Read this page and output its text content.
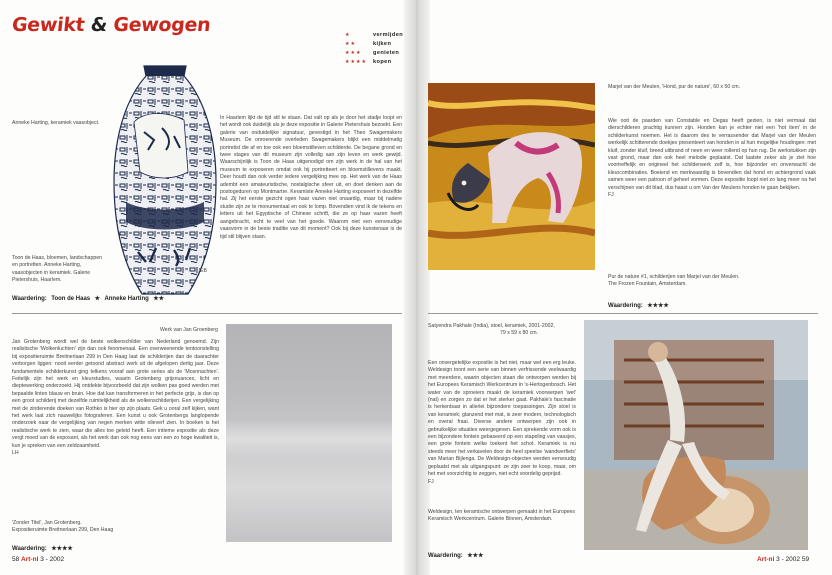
Gewikt & Gewogen	★	vermijden
★★	kijken
★★★	genieten
★★★★	kopen
Anneke Harting, keramiek vaasobject.
In Haarlem lijkt de tijd stil te staan. Dat valt op als je door het stadje loopt en het wordt ook duidelijk als je deze expositie in Galerie Pietershuis bezoekt. Een galerie van onduidelijke signatuur, gevestigd in het Theo Swagemakers Museum. De onroerende overleden Swagemakers blijkt een middelmatig portretist die af en toe ook een bloemstilleven schilderde. De begane grond en twee stages van dit museum zijn volledig aan zijn leven en werk gewijd. Waarschijnlijk is Toon de Haas uitgenodigd om zijn werk in de hal van het museum te exposeren omdat ook hij portretteert en bloemstillevens maakt. Deer houdt dan ook verder iedere vergelijking mee op. Het werk van de Haas adembt een amateuristische, nostalgische sfeer uit, en doet denken aan de postogeduren op Montmartre. Keramiste Anneke Harting exposeert in dezelfde hal. Zij het eerste gezicht ogen haar vazen niet onaardig, maar bij nadere studie zijn ze te monumentaal en ook te lomp. Bovendien vind ik de tekens en letters uit het Egyptische of Chinese schrift, die ze op haar vazen heeft aangebracht, echt te veel van het goede. Waarom niet een eenvoudige vaasvorm in de beste traditie van dit moment? Ook bij deze kunstenaar is de tijd stil blijven staan.
Toon de Haas, bloemen, landschappen en portretten. Anneke Harting, vaasobjecten in keramiek. Galerie Pietershuis, Haarlem.
EB
Waardering: Toon de Haas ★ Anneke Harting ★★
Werk van Jan Groenberg
Jan Grotenberg wordt wel de beste wolkenschilder van Nederland genoemd. Zijn realistische 'Wolkenluchten' zijn dan ook fenomenaal. Een overweenende tentoonstelling bij expositieruimte Breitnerlaan 299 in Den Haag laat de schilderijen dan de daarachter verborgen liggen: nooit eerder getoond abstract werk uit de afgelopen dertig jaar. Deze fundamentele schilderkunst ging telkens vooraf aan grote series als de 'Mosnnachten'. Feitelijk zijn het werk en kleurstudies, waarin Grotenberg grijsnuances, licht en dieptewerking onderzoekt. Hij ontdekte bijvoorbeeld dat zijn wolken pas goed werden met bepaalde linten blauw en bruin. Hoe dat kan transformeren in het perfecte grijs, is dan op een groot schilderij met dezelfde ruimtelijkheid als de wolkenschilderijen. Een vergelijking met de zinderende doeken van Rothko is hier op zijn plaats. Gek u ooral zelf kijken, want het werk laat zich nauwelijks fotograferen. Een kunst u ook Grotenbergs langlopende onderzoek naar de vergelijking van negen merken witte olieverf zien. In boeken is het realistische werk te zien, waar die alles toe geleid heeft. Een intieme expositie als deze vergt moed van de exposant, als het werk dan ook nog eens van een zo hoge kwaliteit is, kun je spreken van een zeldzaamheid.
LH
'Zonder Titel', Jan Grotenberg.
Expositieruimte Breitnerlaan 299, Den Haag
Waardering: ★★★★
58 Art-nl 3 - 2002
Marjel van der Meulen, 'Hond, pur de nature', 60 x 50 cm.
Wie ooit de paarden van Constable en Degas heeft gezien, is niet vermaal dat dierschilderen prachtig kunnen zijn. Honden kan je echter niet een 'hot item' in de schilderkunst noemen. Het is daarom des te verrassender dat Marjel van der Meulen werkelijk schitterende doekjes presenteert van honden in al hun mogelijke houdingen: met kluif, zonder kluif, breed uitbrand of neen en weer rollend op hun rug. De werkstukken zijn vast grond, maar dan ook heel melodie geplaatst. Dat laatste zeker als je ziet hoe voortreffelijk en origineel het schilderwerk zelf is, hoe bijzonder en onverwacht de kleurcombinaties. Boeiend en merkwaardig is bovendien dat hond en achtergrond vaak samen weer een patroon of geheel vormen. Deze expositie loopt niet zo lang meer na het verschijnen van dit blad, dus haast u om Van der Meulens honden te gaan bekijken.
FJ
Pur de nature #1, schilderijen van Marjel van der Meulen.
The Frozen Fountain, Amsterdam.
Waardering: ★★★★
Satyendra Pakhale (India), stoel, keramiek, 2001-2002,
79 x 59 x 80 cm.
Een onvergetelijke expositie is het niet, maar wel een erg leuke. Weldesign toont een serie van binnen verfrissende veelwaardig met meerdere, waarin objecten staan die ontworpen werden bij het Europees Keramisch Werkcentrum in 's-Hertogenbosch. Het water van de sproeiers maakt de keramiek voorwerpen 'wet' (nat) en zorgen zo dat er het sterker gaat. Pakhale's fascinatie is herkenbaar in allerlei bijzondere toepassingen. Zijn stoel is van keramiek; glanzend met mat, is zeer modern, technologisch en overal fraai. Diverse andere ontwerpen zijn ook in gebruikelijke situaties weergegeven. Een sprekende vorm ook is een bijzondere fontein gebaseerd op een stapeling van vaasjes, een grote fontein welke toekent het schot. Keramiek is nu steeds meer het verkavelen door de heel speelse 'wandwerfiets' van Marian Bijlenga. De Weldesign-objecten werden eenvoudig geplaatst met als uitgangspunt: ze zijn zeer te koop, maar, om het met voorzichtig te zeggen, niet echt voordelig geprijsd.
FJ
Weldesign, ten keramische ontwerpen gemaakt in het Europees Keramisch Werkcentrum. Galerie Binnen, Amsterdam.
Waardering: ★★★	Art-nl 3 - 2002 59
